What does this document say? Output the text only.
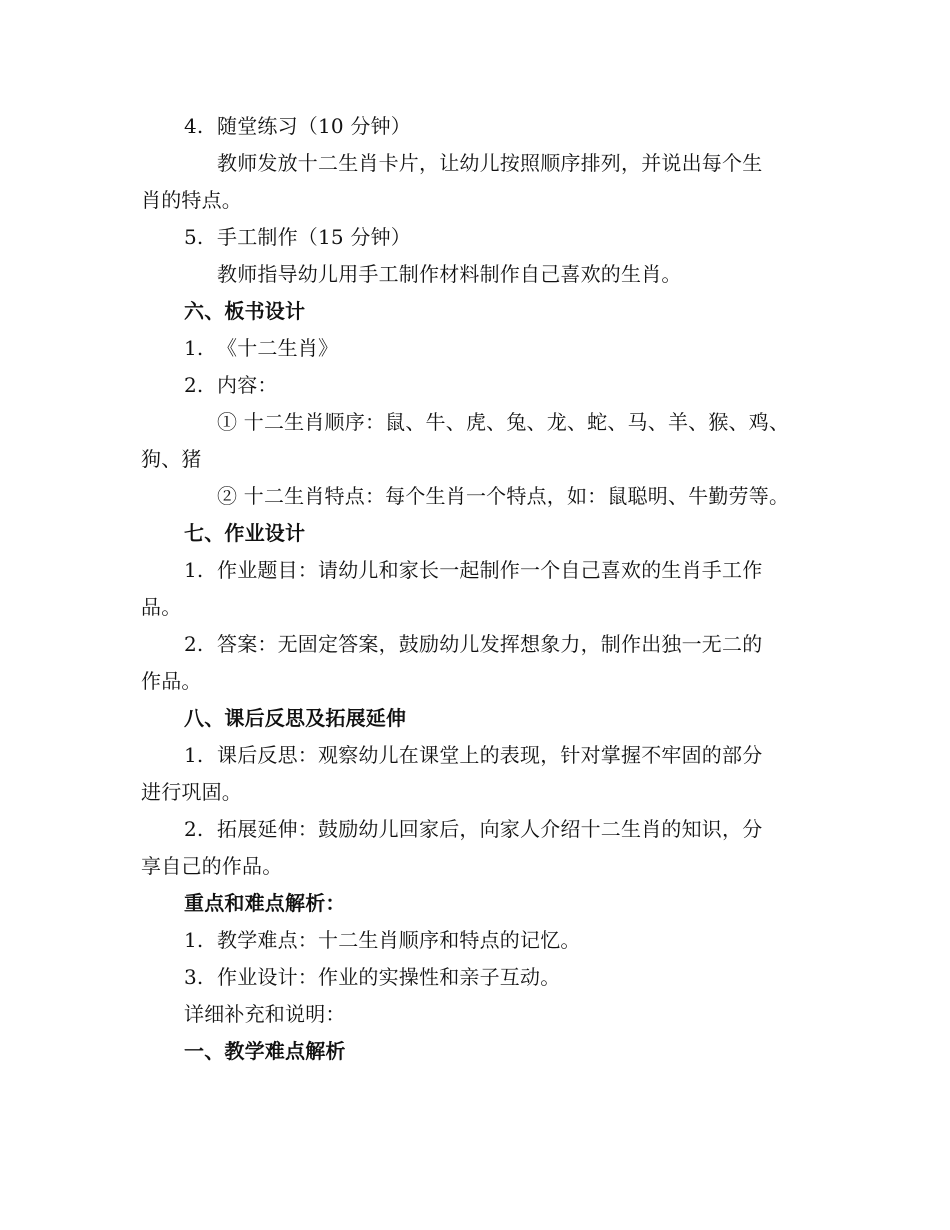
4. 随堂练习（10 分钟）
教师发放十二生肖卡片，让幼儿按照顺序排列，并说出每个生
肖的特点。
5. 手工制作（15 分钟）
教师指导幼儿用手工制作材料制作自己喜欢的生肖。
六、板书设计
1. 《十二生肖》
2. 内容：
① 十二生肖顺序：鼠、牛、虎、兔、龙、蛇、马、羊、猴、鸡、
狗、猪
② 十二生肖特点：每个生肖一个特点，如：鼠聪明、牛勤劳等。
七、作业设计
1. 作业题目：请幼儿和家长一起制作一个自己喜欢的生肖手工作
品。
2. 答案：无固定答案，鼓励幼儿发挥想象力，制作出独一无二的
作品。
八、课后反思及拓展延伸
1. 课后反思：观察幼儿在课堂上的表现，针对掌握不牢固的部分
进行巩固。
2. 拓展延伸：鼓励幼儿回家后，向家人介绍十二生肖的知识，分
享自己的作品。
重点和难点解析：
1. 教学难点：十二生肖顺序和特点的记忆。
3. 作业设计：作业的实操性和亲子互动。
详细补充和说明：
一、教学难点解析
